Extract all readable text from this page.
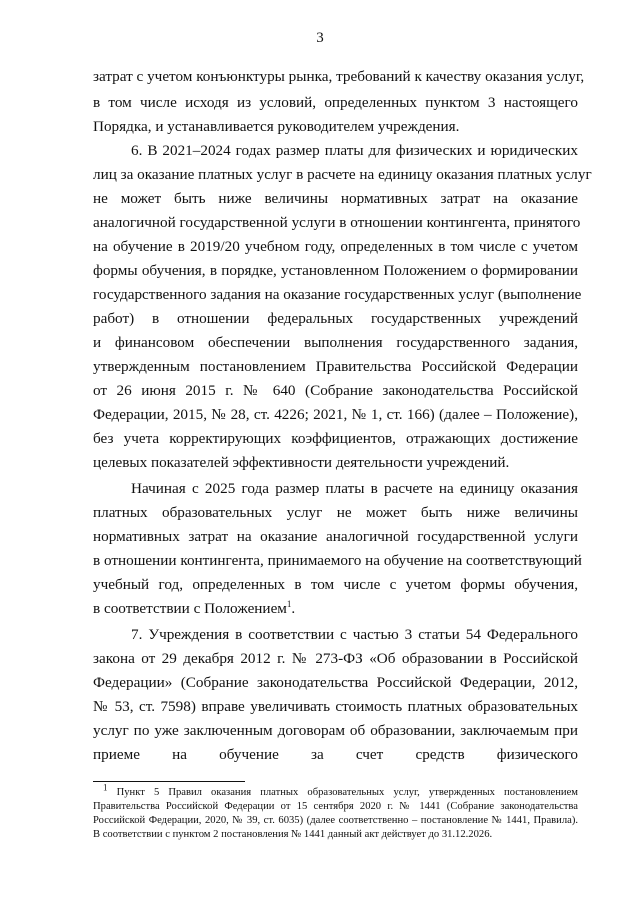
3
затрат с учетом конъюнктуры рынка, требований к качеству оказания услуг,
в том числе исходя из условий, определенных пунктом 3 настоящего
Порядка, и устанавливается руководителем учреждения.
6. В 2021–2024 годах размер платы для физических и юридических
лиц за оказание платных услуг в расчете на единицу оказания платных услуг
не может быть ниже величины нормативных затрат на оказание
аналогичной государственной услуги в отношении контингента, принятого
на обучение в 2019/20 учебном году, определенных в том числе с учетом
формы обучения, в порядке, установленном Положением о формировании
государственного задания на оказание государственных услуг (выполнение
работ) в отношении федеральных государственных учреждений
и финансовом обеспечении выполнения государственного задания,
утвержденным постановлением Правительства Российской Федерации
от 26 июня 2015 г. № 640 (Собрание законодательства Российской
Федерации, 2015, № 28, ст. 4226; 2021, № 1, ст. 166) (далее – Положение),
без учета корректирующих коэффициентов, отражающих достижение
целевых показателей эффективности деятельности учреждений.
Начиная с 2025 года размер платы в расчете на единицу оказания
платных образовательных услуг не может быть ниже величины
нормативных затрат на оказание аналогичной государственной услуги
в отношении контингента, принимаемого на обучение на соответствующий
учебный год, определенных в том числе с учетом формы обучения,
в соответствии с Положением$^1$.
7. Учреждения в соответствии с частью 3 статьи 54 Федерального
закона от 29 декабря 2012 г. № 273-ФЗ «Об образовании в Российской
Федерации» (Собрание законодательства Российской Федерации, 2012,
№ 53, ст. 7598) вправе увеличивать стоимость платных образовательных
услуг по уже заключенным договорам об образовании, заключаемым при
приеме на обучение за счет средств физического
$^1$ Пункт 5 Правил оказания платных образовательных услуг, утвержденных постановлением
Правительства Российской Федерации от 15 сентября 2020 г. № 1441 (Собрание законодательства
Российской Федерации, 2020, № 39, ст. 6035) (далее соответственно – постановление № 1441, Правила).
В соответствии с пунктом 2 постановления № 1441 данный акт действует до 31.12.2026.
